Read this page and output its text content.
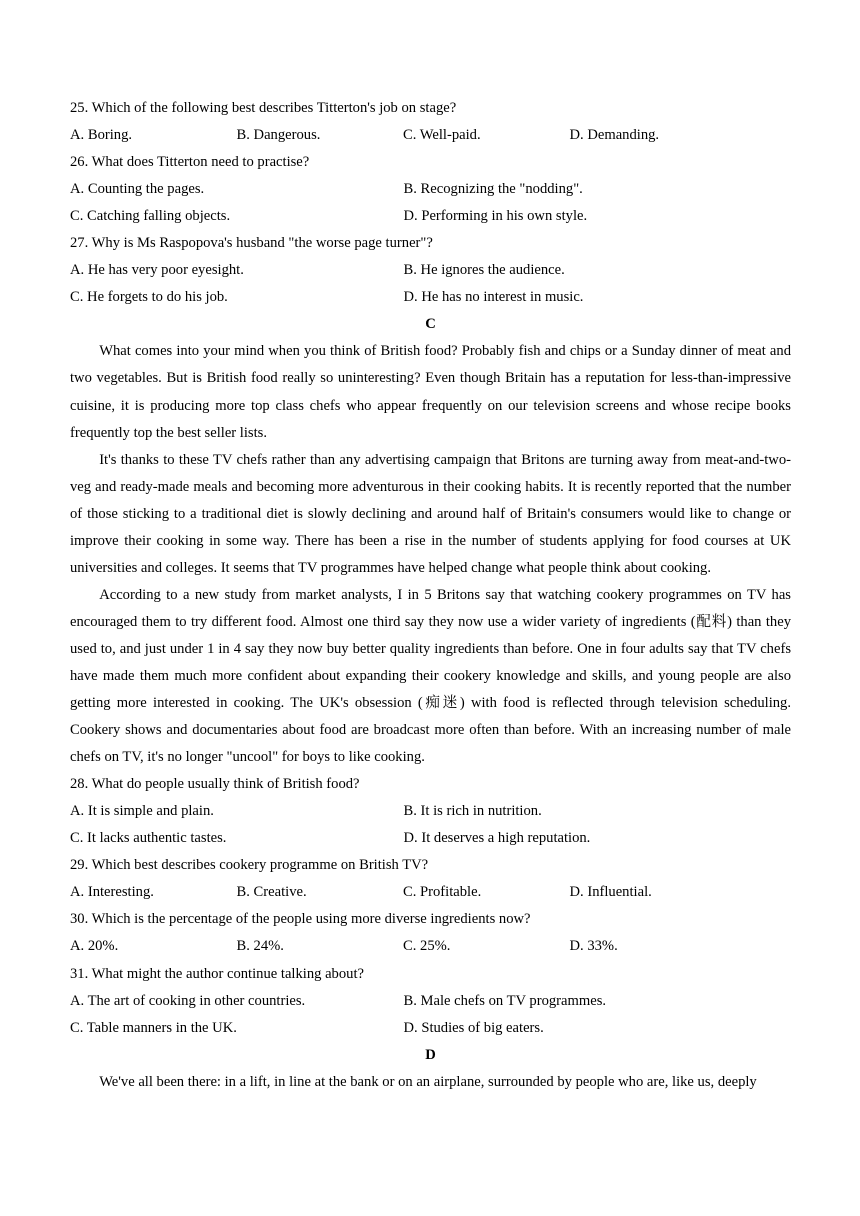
25. Which of the following best describes Titterton's job on stage?
A. Boring.	B. Dangerous.	C. Well-paid.	D. Demanding.
26. What does Titterton need to practise?
A. Counting the pages.	B. Recognizing the "nodding".
C. Catching falling objects.	D. Performing in his own style.
27. Why is Ms Raspopova's husband "the worse page turner"?
A. He has very poor eyesight.	B. He ignores the audience.
C. He forgets to do his job.	D. He has no interest in music.
C

What comes into your mind when you think of British food? Probably fish and chips or a Sunday dinner of meat and two vegetables. But is British food really so uninteresting? Even though Britain has a reputation for less-than-impressive cuisine, it is producing more top class chefs who appear frequently on our television screens and whose recipe books frequently top the best seller lists.

It's thanks to these TV chefs rather than any advertising campaign that Britons are turning away from meat-and-two-veg and ready-made meals and becoming more adventurous in their cooking habits. It is recently reported that the number of those sticking to a traditional diet is slowly declining and around half of Britain's consumers would like to change or improve their cooking in some way. There has been a rise in the number of students applying for food courses at UK universities and colleges. It seems that TV programmes have helped change what people think about cooking.

According to a new study from market analysts, I in 5 Britons say that watching cookery programmes on TV has encouraged them to try different food. Almost one third say they now use a wider variety of ingredients (配料) than they used to, and just under 1 in 4 say they now buy better quality ingredients than before. One in four adults say that TV chefs have made them much more confident about expanding their cookery knowledge and skills, and young people are also getting more interested in cooking. The UK's obsession (痴迷) with food is reflected through television scheduling. Cookery shows and documentaries about food are broadcast more often than before. With an increasing number of male chefs on TV, it's no longer "uncool" for boys to like cooking.

28. What do people usually think of British food?
A. It is simple and plain.	B. It is rich in nutrition.
C. It lacks authentic tastes.	D. It deserves a high reputation.
29. Which best describes cookery programme on British TV?
A. Interesting.	B. Creative.	C. Profitable.	D. Influential.
30. Which is the percentage of the people using more diverse ingredients now?
A. 20%.	B. 24%.	C. 25%.	D. 33%.
31. What might the author continue talking about?
A. The art of cooking in other countries.	B. Male chefs on TV programmes.
C. Table manners in the UK.	D. Studies of big eaters.
D

We've all been there: in a lift, in line at the bank or on an airplane, surrounded by people who are, like us, deeply
